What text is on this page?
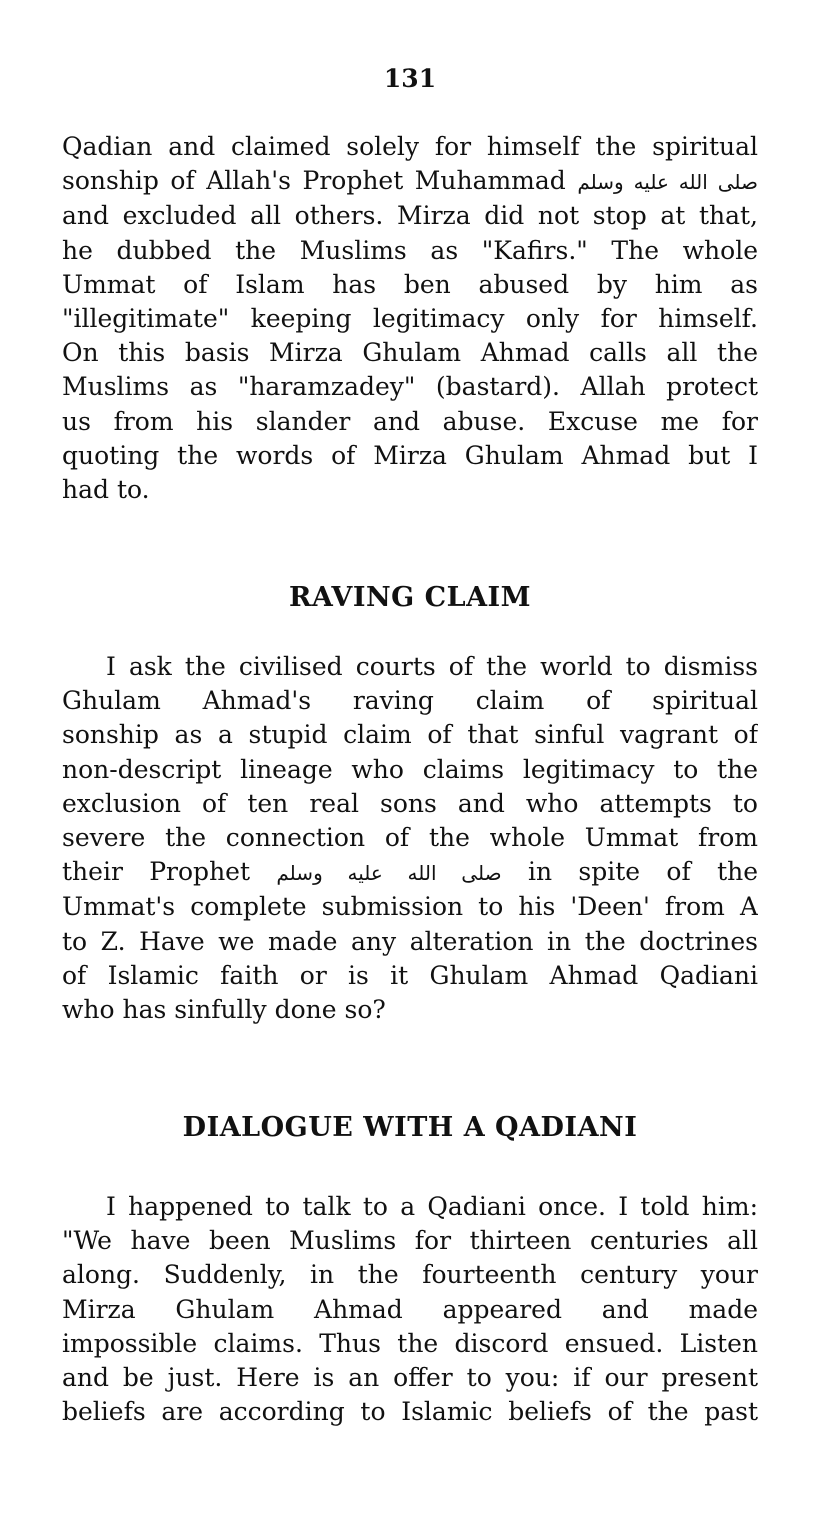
131

Qadian and claimed solely for himself the spiritual
sonship of Allah's Prophet Muhammad صلى الله عليه وسلم
and excluded all others. Mirza did not stop at that,
he dubbed the Muslims as "Kafirs." The whole
Ummat of Islam has ben abused by him as
"illegitimate" keeping legitimacy only for himself.
On this basis Mirza Ghulam Ahmad calls all the
Muslims as "haramzadey" (bastard). Allah protect
us from his slander and abuse. Excuse me for
quoting the words of Mirza Ghulam Ahmad but I
had to.

RAVING CLAIM

I ask the civilised courts of the world to dismiss
Ghulam Ahmad's raving claim of spiritual
sonship as a stupid claim of that sinful vagrant of
non-descript lineage who claims legitimacy to the
exclusion of ten real sons and who attempts to
severe the connection of the whole Ummat from
their Prophet صلى الله عليه وسلم in spite of the
Ummat's complete submission to his 'Deen' from A
to Z. Have we made any alteration in the doctrines
of Islamic faith or is it Ghulam Ahmad Qadiani
who has sinfully done so?

DIALOGUE WITH A QADIANI

I happened to talk to a Qadiani once. I told him:
"We have been Muslims for thirteen centuries all
along. Suddenly, in the fourteenth century your
Mirza Ghulam Ahmad appeared and made
impossible claims. Thus the discord ensued. Listen
and be just. Here is an offer to you: if our present
beliefs are according to Islamic beliefs of the past
